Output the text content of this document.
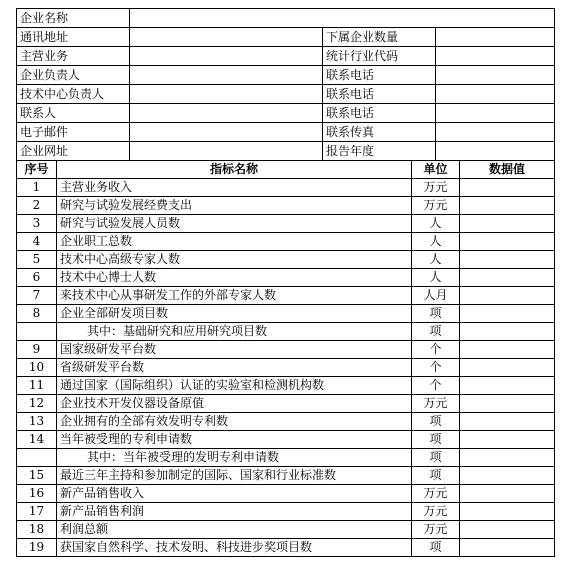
企业名称			
通讯地址		下属企业数量	
主营业务		统计行业代码	
企业负责人		联系电话	
技术中心负责人		联系电话	
联系人		联系电话	
电子邮件		联系传真	
企业网址		报告年度	
序号	指标名称	单位	数据值
1	主营业务收入	万元	
2	研究与试验发展经费支出	万元	
3	研究与试验发展人员数	人	
4	企业职工总数	人	
5	技术中心高级专家人数	人	
6	技术中心博士人数	人	
7	来技术中心从事研发工作的外部专家人数	人月	
8	企业全部研发项目数	项	
	其中：基础研究和应用研究项目数	项	
9	国家级研发平台数	个	
10	省级研发平台数	个	
11	通过国家（国际组织）认证的实验室和检测机构数	个	
12	企业技术开发仪器设备原值	万元	
13	企业拥有的全部有效发明专利数	项	
14	当年被受理的专利申请数	项	
	其中：当年被受理的发明专利申请数	项	
15	最近三年主持和参加制定的国际、国家和行业标准数	项	
16	新产品销售收入	万元	
17	新产品销售利润	万元	
18	利润总额	万元	
19	获国家自然科学、技术发明、科技进步奖项目数	项	
